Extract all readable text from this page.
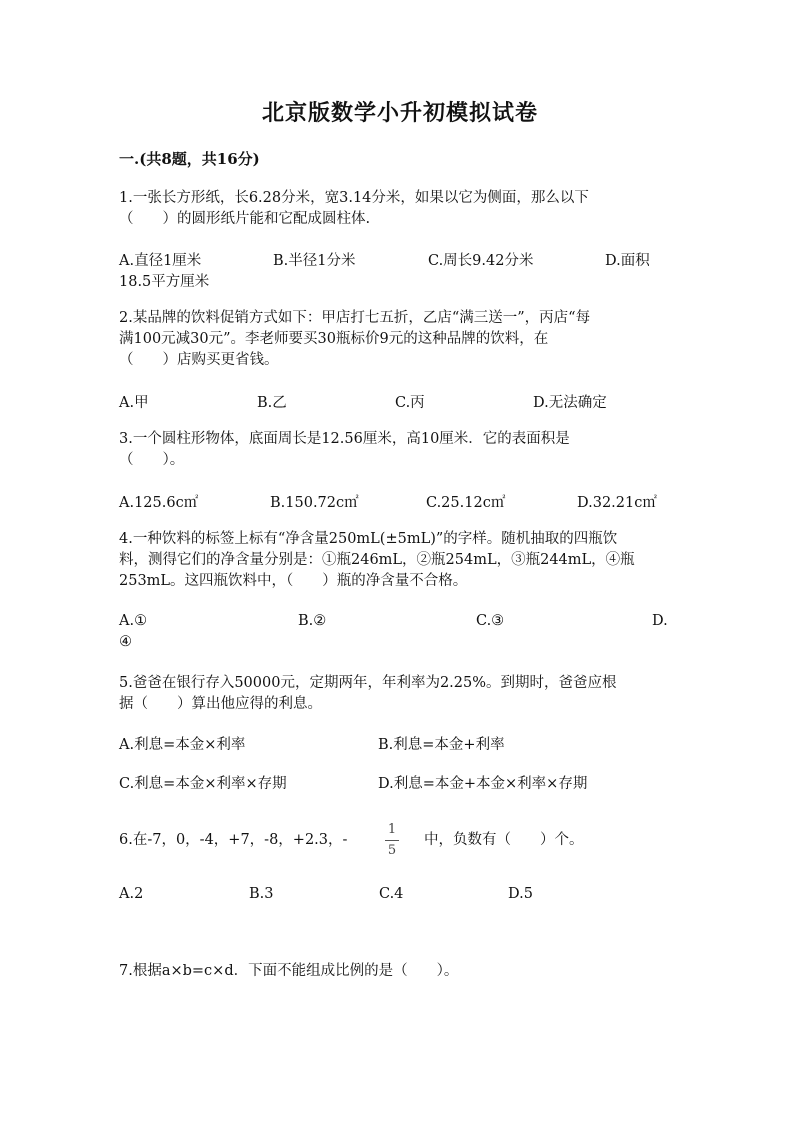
北京版数学小升初模拟试卷
一.(共8题，共16分)
1.一张长方形纸，长6.28分米，宽3.14分米，如果以它为侧面，那么以下
（　　）的圆形纸片能和它配成圆柱体.
A.直径1厘米	B.半径1分米	C.周长9.42分米	D.面积
18.5平方厘米
2.某品牌的饮料促销方式如下：甲店打七五折，乙店“满三送一”，丙店“每
满100元减30元”。李老师要买30瓶标价9元的这种品牌的饮料，在
（　　）店购买更省钱。
A.甲	B.乙	C.丙	D.无法确定
3.一个圆柱形物体，底面周长是12.56厘米，高10厘米．它的表面积是
（　　）。
A.125.6c㎡	B.150.72c㎡	C.25.12c㎡	D.32.21c㎡
4.一种饮料的标签上标有“净含量250mL(±5mL)”的字样。随机抽取的四瓶饮
料，测得它们的净含量分别是：①瓶246mL，②瓶254mL，③瓶244mL，④瓶
253mL。这四瓶饮料中，（　　）瓶的净含量不合格。
A.①	B.②	C.③	D.
④
5.爸爸在银行存入50000元，定期两年，年利率为2.25%。到期时，爸爸应根
据（　　）算出他应得的利息。
A.利息=本金×利率	B.利息=本金+利率
C.利息=本金×利率×存期	D.利息=本金+本金×利率×存期
6.在-7，0，-4，+7，-8，+2.3，-
1
5
中，负数有（　　）个。
A.2	B.3	C.4	D.5
7.根据a×b=c×d．下面不能组成比例的是（　　）。
